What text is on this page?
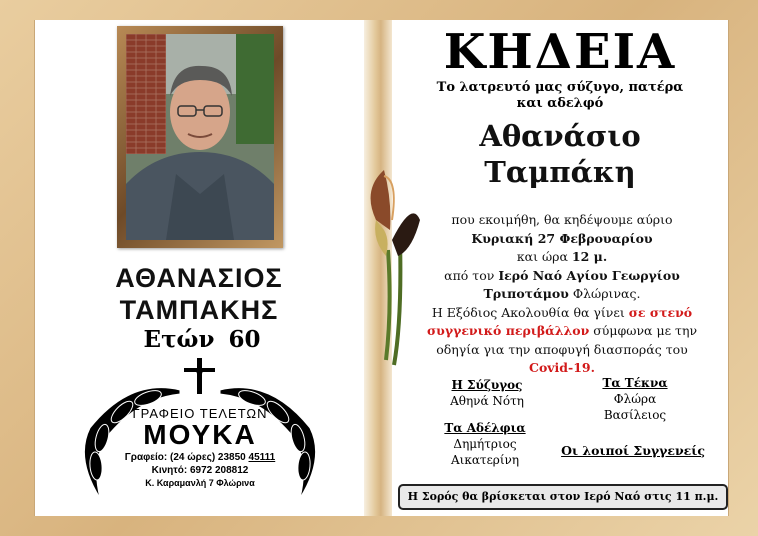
ΑΘΑΝΑΣΙΟΣ
ΤΑΜΠΑΚΗΣ
Ετών 60
ΓΡΑΦΕΙΟ ΤΕΛΕΤΩΝ
ΜΟΥΚΑ
Γραφείο: (24 ώρες) 23850 45111
Κινητό: 6972 208812
Κ. Καραμανλή 7 Φλώρινα
ΚΗΔΕΙΑ
Το λατρευτό μας σύζυγο, πατέρα
και αδελφό
Αθανάσιο
Ταμπάκη
που εκοιμήθη, θα κηδέψουμε αύριο
Κυριακή 27 Φεβρουαρίου
και ώρα 12 μ.
από τον Ιερό Ναό Αγίου Γεωργίου
Τριποτάμου Φλώρινας.
Η Εξόδιος Ακολουθία θα γίνει σε στενό
συγγενικό περιβάλλον σύμφωνα με την
οδηγία για την αποφυγή διασποράς του
Covid-19.
Η Σύζυγος
Αθηνά Νότη
Τα Τέκνα
Φλώρα
Βασίλειος
Τα Αδέλφια
Δημήτριος
Αικατερίνη
Οι λοιποί Συγγενείς
Η Σορός θα βρίσκεται στον Ιερό Ναό στις 11 π.μ.
